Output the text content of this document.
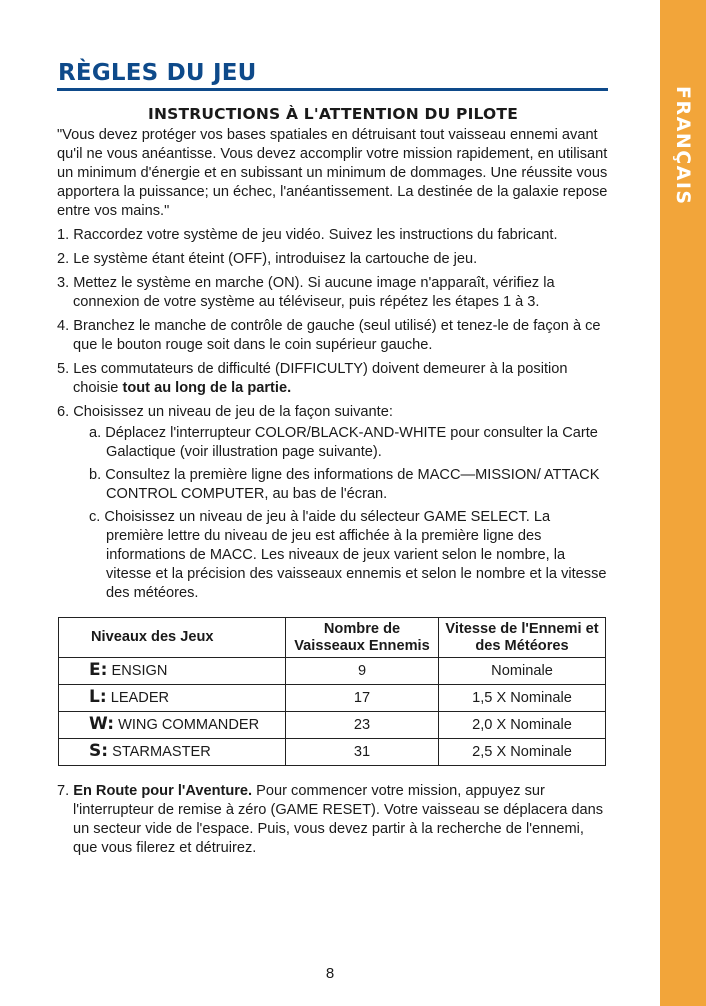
FRANÇAIS
RÈGLES DU JEU
INSTRUCTIONS À L'ATTENTION DU PILOTE

"Vous devez protéger vos bases spatiales en détruisant tout vaisseau ennemi avant qu'il ne vous anéantisse. Vous devez accomplir votre mission rapidement, en utilisant un minimum d'énergie et en subissant un minimum de dommages. Une réussite vous apportera la puissance; un échec, l'anéantissement. La destinée de la galaxie repose entre vos mains."

1. Raccordez votre système de jeu vidéo. Suivez les instructions du fabricant.
2. Le système étant éteint (OFF), introduisez la cartouche de jeu.
3. Mettez le système en marche (ON). Si aucune image n'apparaît, vérifiez la connexion de votre système au téléviseur, puis répétez les étapes 1 à 3.
4. Branchez le manche de contrôle de gauche (seul utilisé) et tenez-le de façon à ce que le bouton rouge soit dans le coin supérieur gauche.
5. Les commutateurs de difficulté (DIFFICULTY) doivent demeurer à la position choisie tout au long de la partie.
6. Choisissez un niveau de jeu de la façon suivante:
a. Déplacez l'interrupteur COLOR/BLACK-AND-WHITE pour consulter la Carte Galactique (voir illustration page suivante).
b. Consultez la première ligne des informations de MACC—MISSION/ ATTACK CONTROL COMPUTER, au bas de l'écran.
c. Choisissez un niveau de jeu à l'aide du sélecteur GAME SELECT. La première lettre du niveau de jeu est affichée à la première ligne des informations de MACC. Les niveaux de jeux varient selon le nombre, la vitesse et la précision des vaisseaux ennemis et selon le nombre et la vitesse des météores.
Niveaux des Jeux	Nombre de Vaisseaux Ennemis	Vitesse de l'Ennemi et des Météores
E: ENSIGN	9	Nominale
L: LEADER	17	1,5 X Nominale
W: WING COMMANDER	23	2,0 X Nominale
S: STARMASTER	31	2,5 X Nominale

7. En Route pour l'Aventure. Pour commencer votre mission, appuyez sur l'interrupteur de remise à zéro (GAME RESET). Votre vaisseau se déplacera dans un secteur vide de l'espace. Puis, vous devez partir à la recherche de l'ennemi, que vous filerez et détruirez.

8
